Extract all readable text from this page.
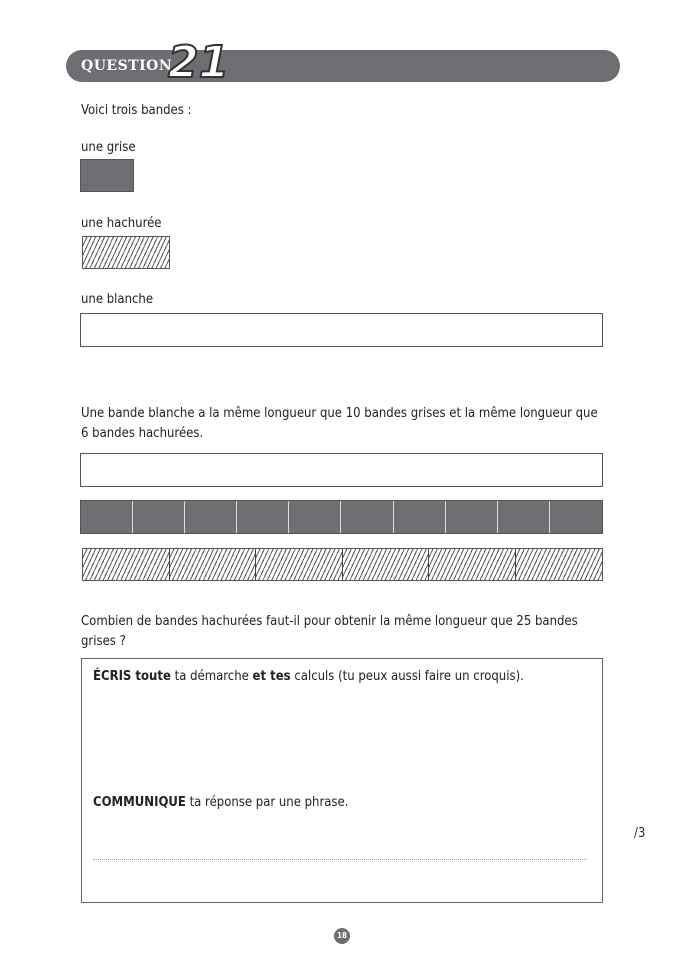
QUESTION
21
Voici trois bandes :
une grise
une hachurée
une blanche
Une bande blanche a la même longueur que 10 bandes grises et la même longueur que
6 bandes hachurées.
Combien de bandes hachurées faut-il pour obtenir la même longueur que 25 bandes
grises ?
ÉCRIS toute ta démarche et tes calculs (tu peux aussi faire un croquis).
COMMUNIQUE ta réponse par une phrase.
/3
18
